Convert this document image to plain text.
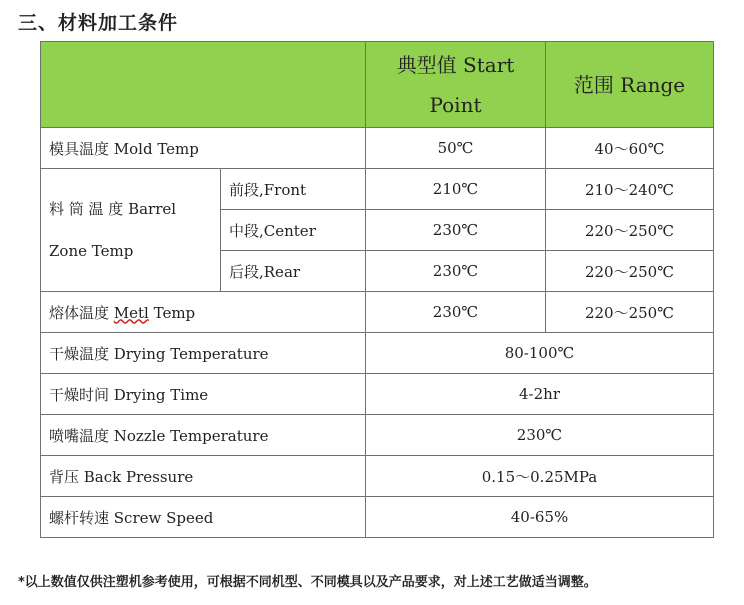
三、材料加工条件
		典型值 Start Point	范围 Range
模具温度 Mold Temp		50℃	40～60℃
料 筒 温 度 Barrel Zone Temp	前段,Front	210℃	210～240℃
	中段,Center	230℃	220～250℃
	后段,Rear	230℃	220～250℃
熔体温度 Metl Temp		230℃	220～250℃
干燥温度 Drying Temperature		80-100℃	
干燥时间 Drying Time		4-2hr	
喷嘴温度 Nozzle Temperature		230℃	
背压 Back Pressure		0.15～0.25MPa	
螺杆转速 Screw Speed		40-65%	
*以上数值仅供注塑机参考使用，可根据不同机型、不同模具以及产品要求，对上述工艺做适当调整。
